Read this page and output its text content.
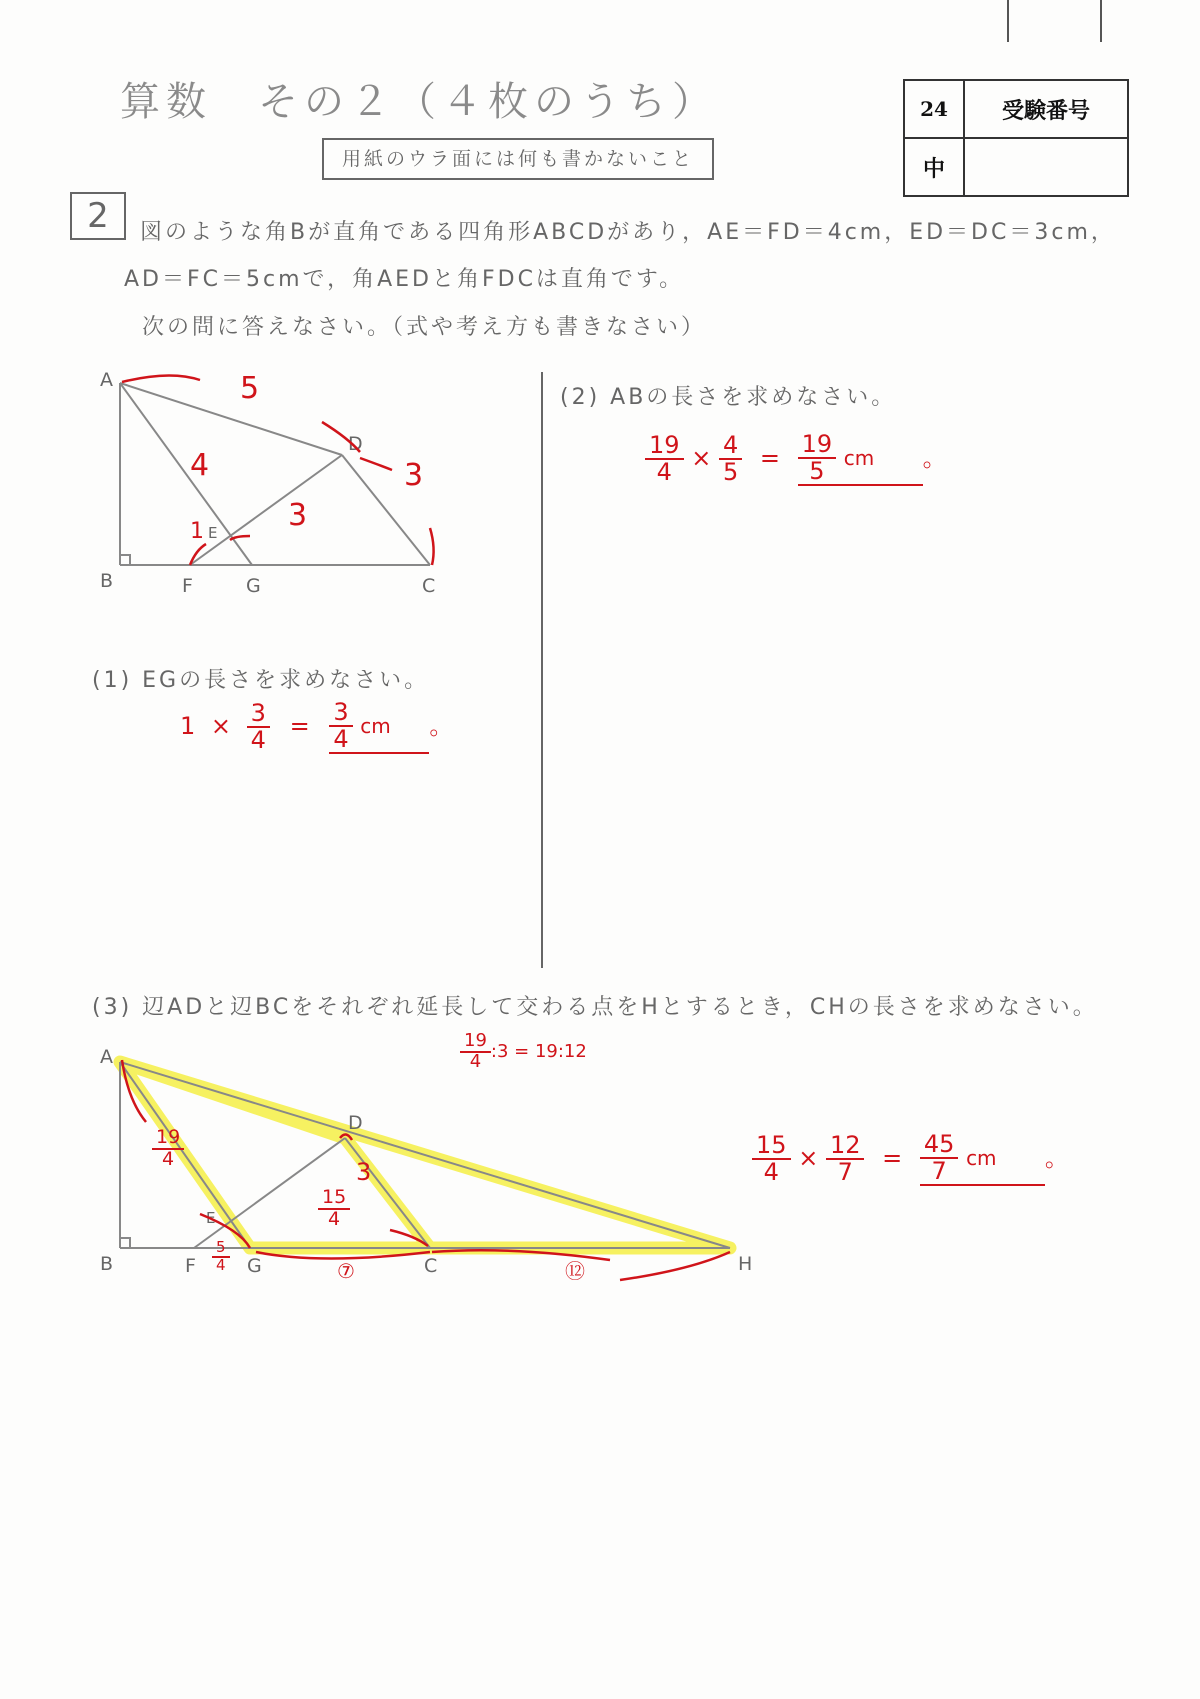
算数　その２（４枚のうち）
用紙のウラ面には何も書かないこと
24	受験番号
中	
2	図のような角Bが直角である四角形ABCDがあり，AE＝FD＝4cm，ED＝DC＝3cm，
AD＝FC＝5cmで，角AEDと角FDCは直角です。
次の問に答えなさい。（式や考え方も書きなさい）
A
B	F	G	C
D
E
5
4
3
3
1
(1) EGの長さを求めなさい。
$1 \times \frac{3}{4} = \frac{3}{4}$ cm 。
(2) ABの長さを求めなさい。
$\frac{19}{4} \times \frac{4}{5} = \frac{19}{5}$ cm 。
(3) 辺ADと辺BCをそれぞれ延長して交わる点をHとするとき，CHの長さを求めなさい。
$\frac{19}{4}$ :3 = 19:12
A
B	F	G	C	H
D
E
⑦	⑫
3
$\frac{19}{4}$
$\frac{15}{4}$
$\frac{5}{4}$
$\frac{15}{4} \times \frac{12}{7} = \frac{45}{7}$ cm 。
